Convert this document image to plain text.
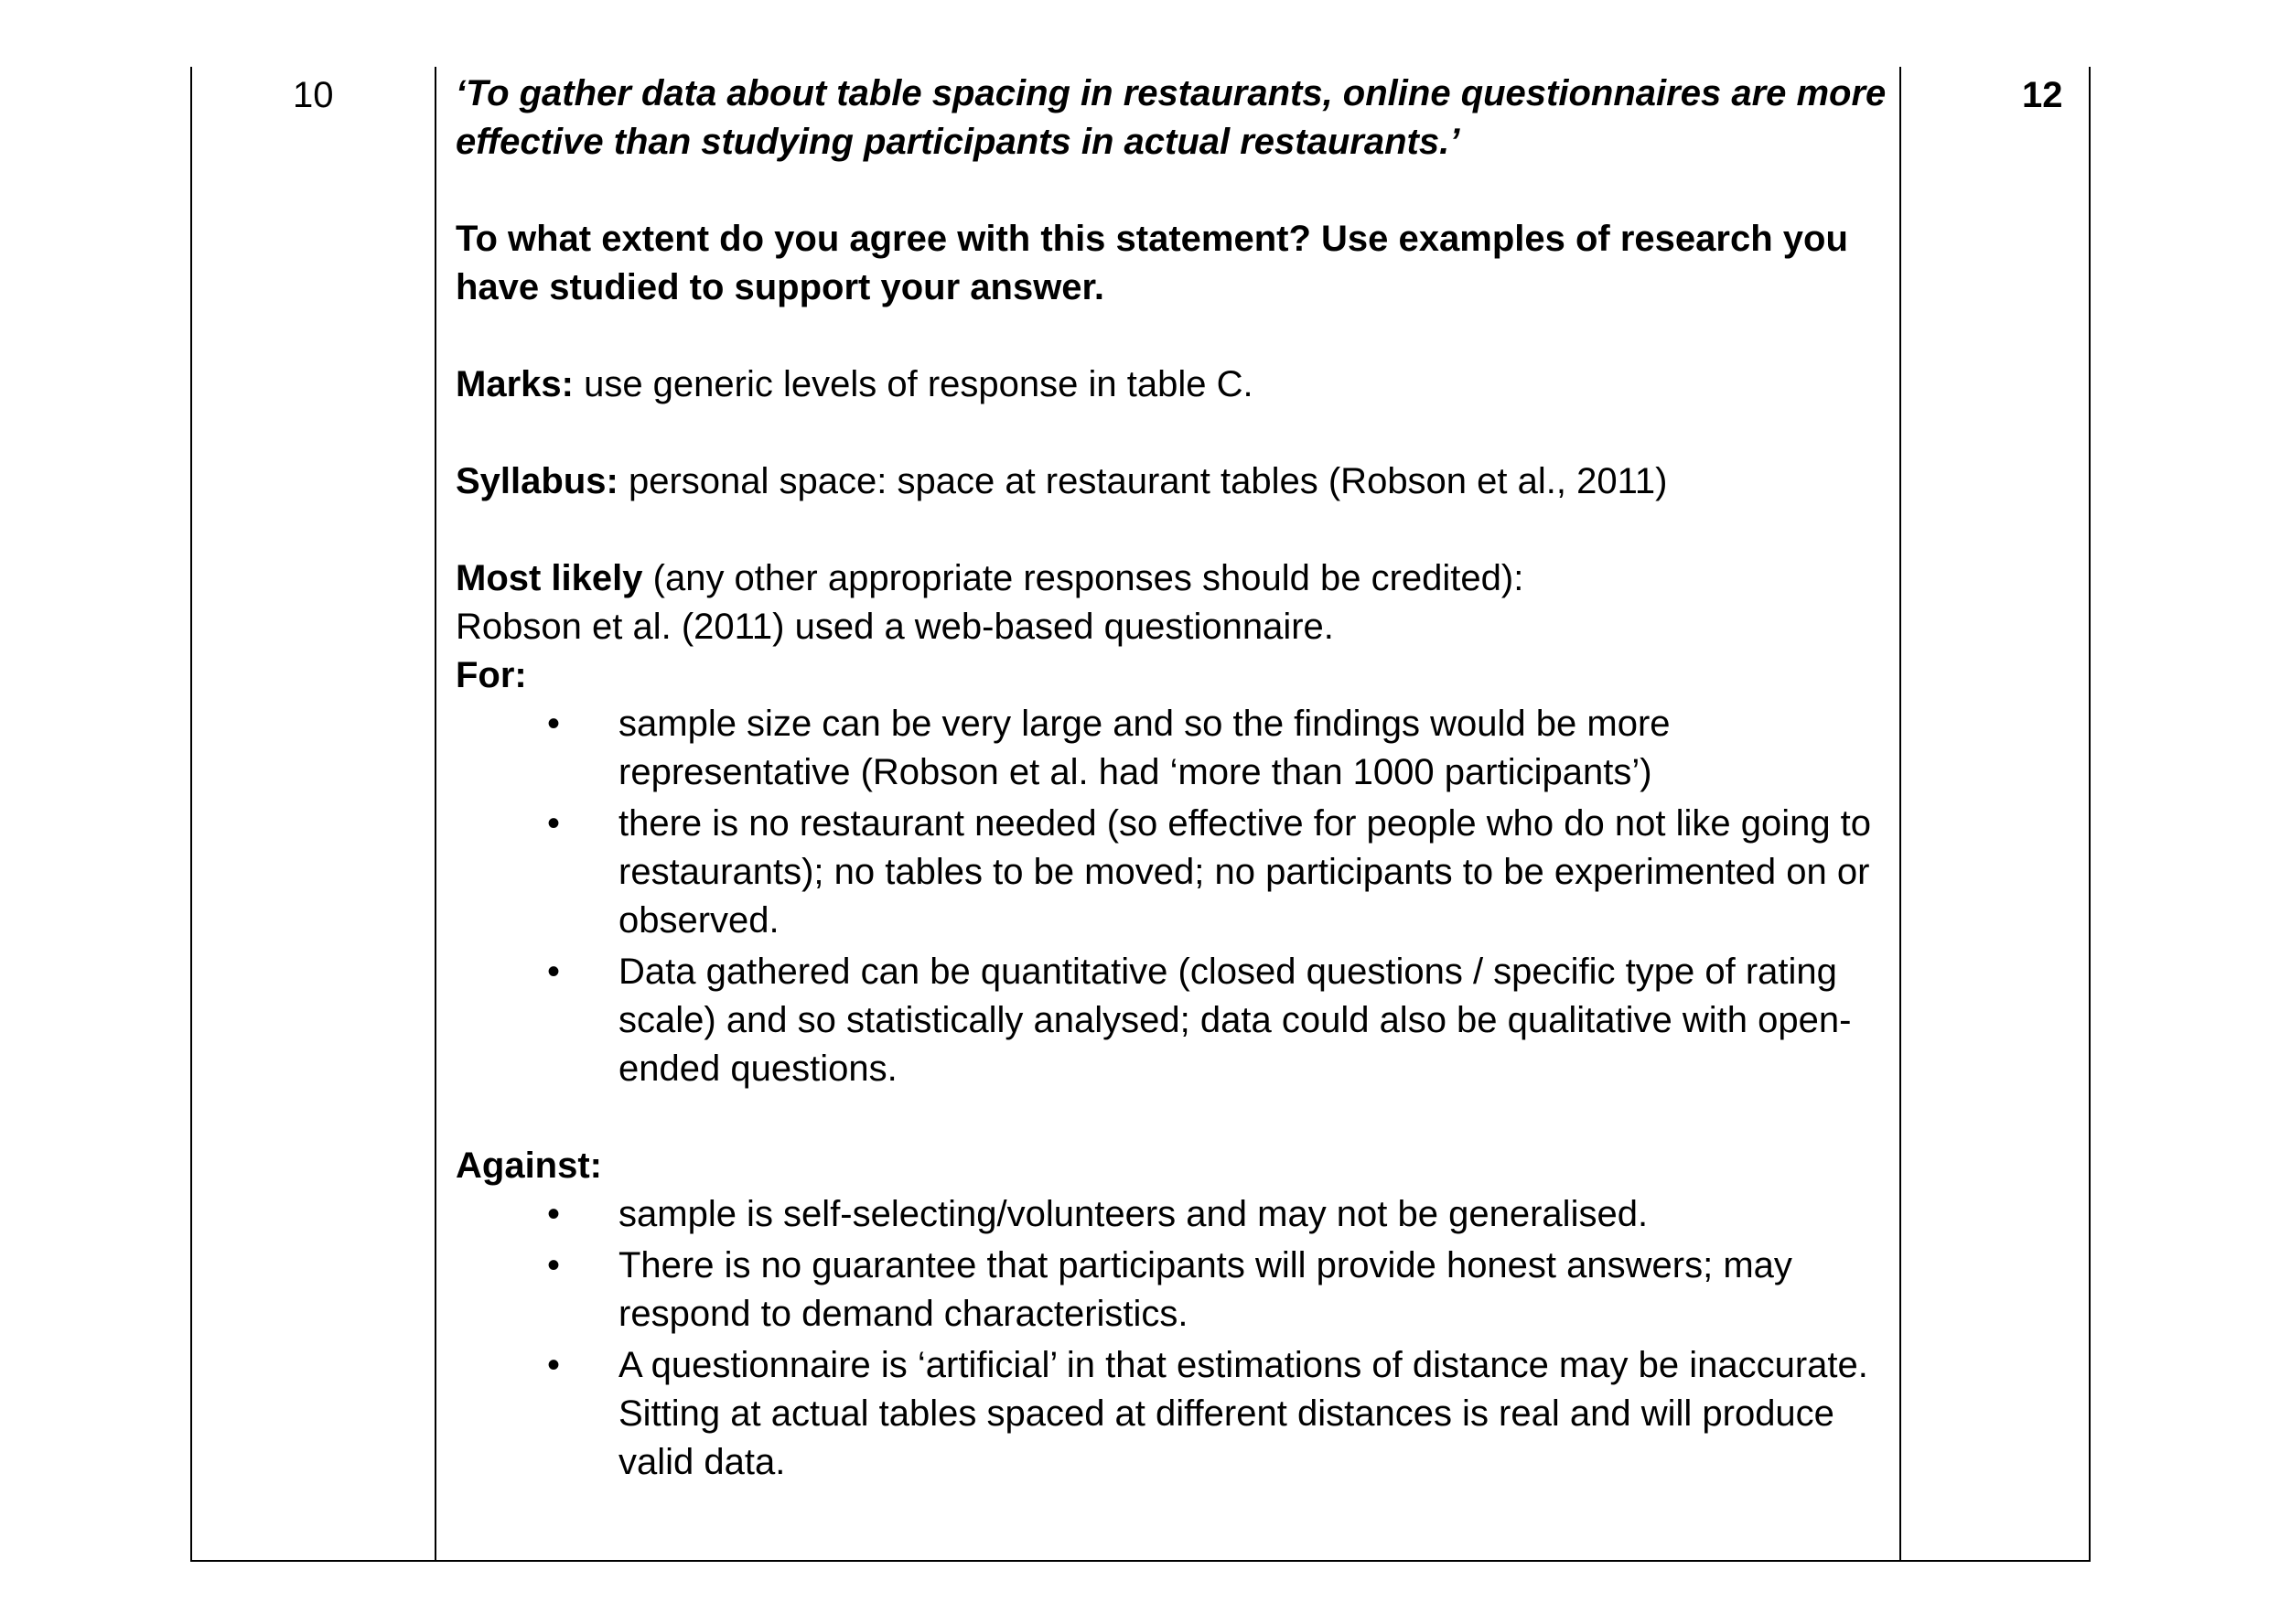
10	12

‘To gather data about table spacing in restaurants, online questionnaires are more effective than studying participants in actual restaurants.’

To what extent do you agree with this statement? Use examples of research you have studied to support your answer.

Marks: use generic levels of response in table C.

Syllabus: personal space: space at restaurant tables (Robson et al., 2011)

Most likely (any other appropriate responses should be credited):

Robson et al. (2011) used a web-based questionnaire.

For:

• sample size can be very large and so the findings would be more representative (Robson et al. had ‘more than 1000 participants’)
• there is no restaurant needed (so effective for people who do not like going to restaurants); no tables to be moved; no participants to be experimented on or observed.
• Data gathered can be quantitative (closed questions / specific type of rating scale) and so statistically analysed; data could also be qualitative with open-ended questions.

Against:

• sample is self-selecting/volunteers and may not be generalised.
• There is no guarantee that participants will provide honest answers; may respond to demand characteristics.
• A questionnaire is ‘artificial’ in that estimations of distance may be inaccurate. Sitting at actual tables spaced at different distances is real and will produce valid data.
